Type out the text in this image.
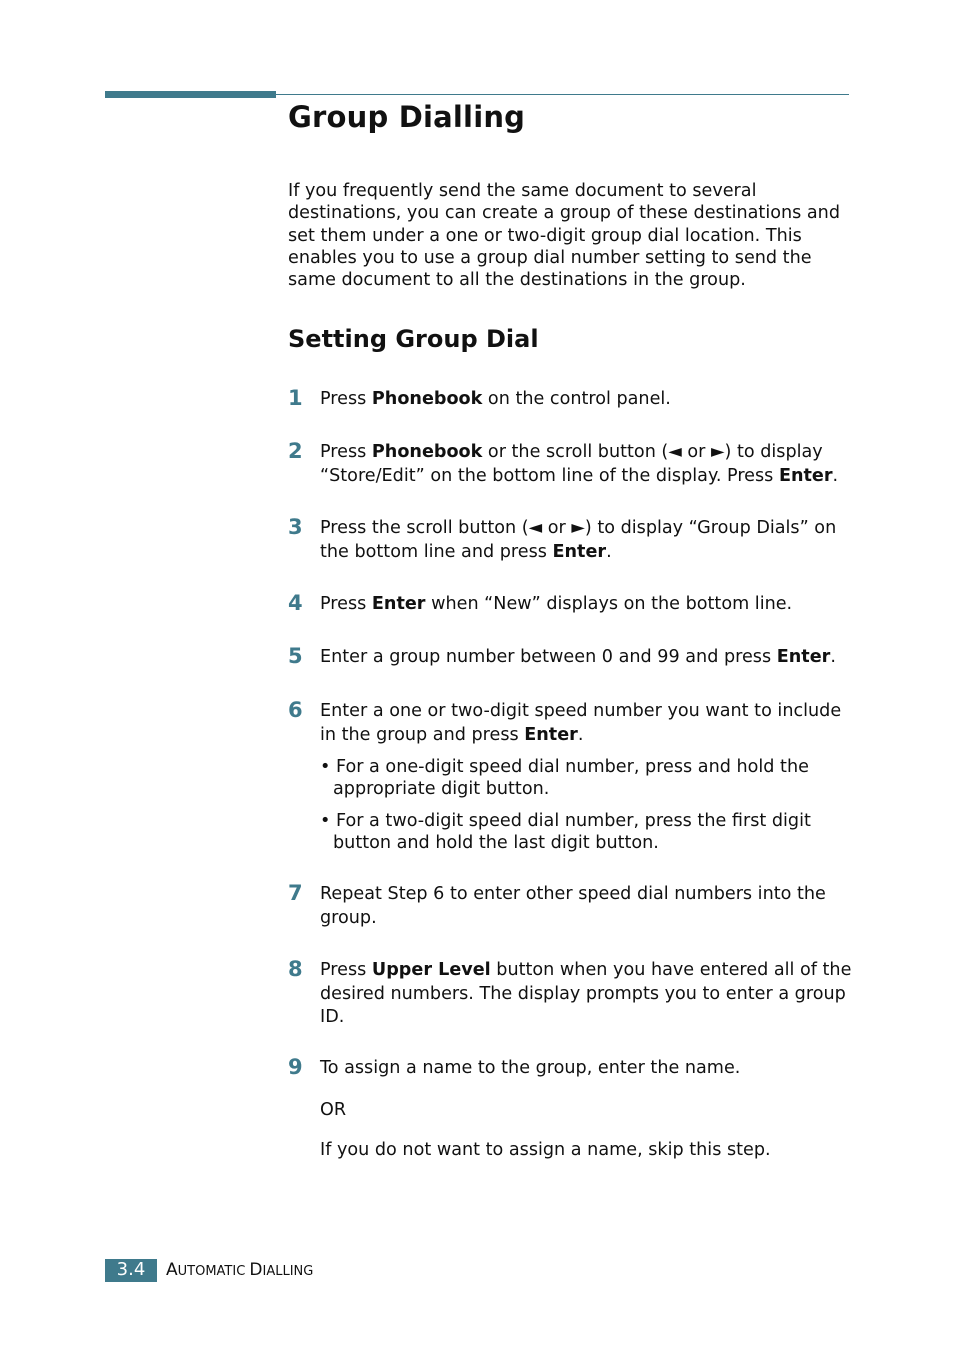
Group Dialling

If you frequently send the same document to several destinations, you can create a group of these destinations and set them under a one or two-digit group dial location. This enables you to use a group dial number setting to send the same document to all the destinations in the group.

Setting Group Dial
1 Press Phonebook on the control panel.

2 Press Phonebook or the scroll button (◄ or ►) to display “Store/Edit” on the bottom line of the display. Press Enter.

3 Press the scroll button (◄ or ►) to display “Group Dials” on the bottom line and press Enter.

4 Press Enter when “New” displays on the bottom line.

5 Enter a group number between 0 and 99 and press Enter.

6 Enter a one or two-digit speed number you want to include in the group and press Enter.

• For a one-digit speed dial number, press and hold the appropriate digit button.

• For a two-digit speed dial number, press the first digit button and hold the last digit button.

7 Repeat Step 6 to enter other speed dial numbers into the group.

8 Press Upper Level button when you have entered all of the desired numbers. The display prompts you to enter a group ID.

9 To assign a name to the group, enter the name.

OR

If you do not want to assign a name, skip this step.

3.4	AUTOMATIC DIALLING
